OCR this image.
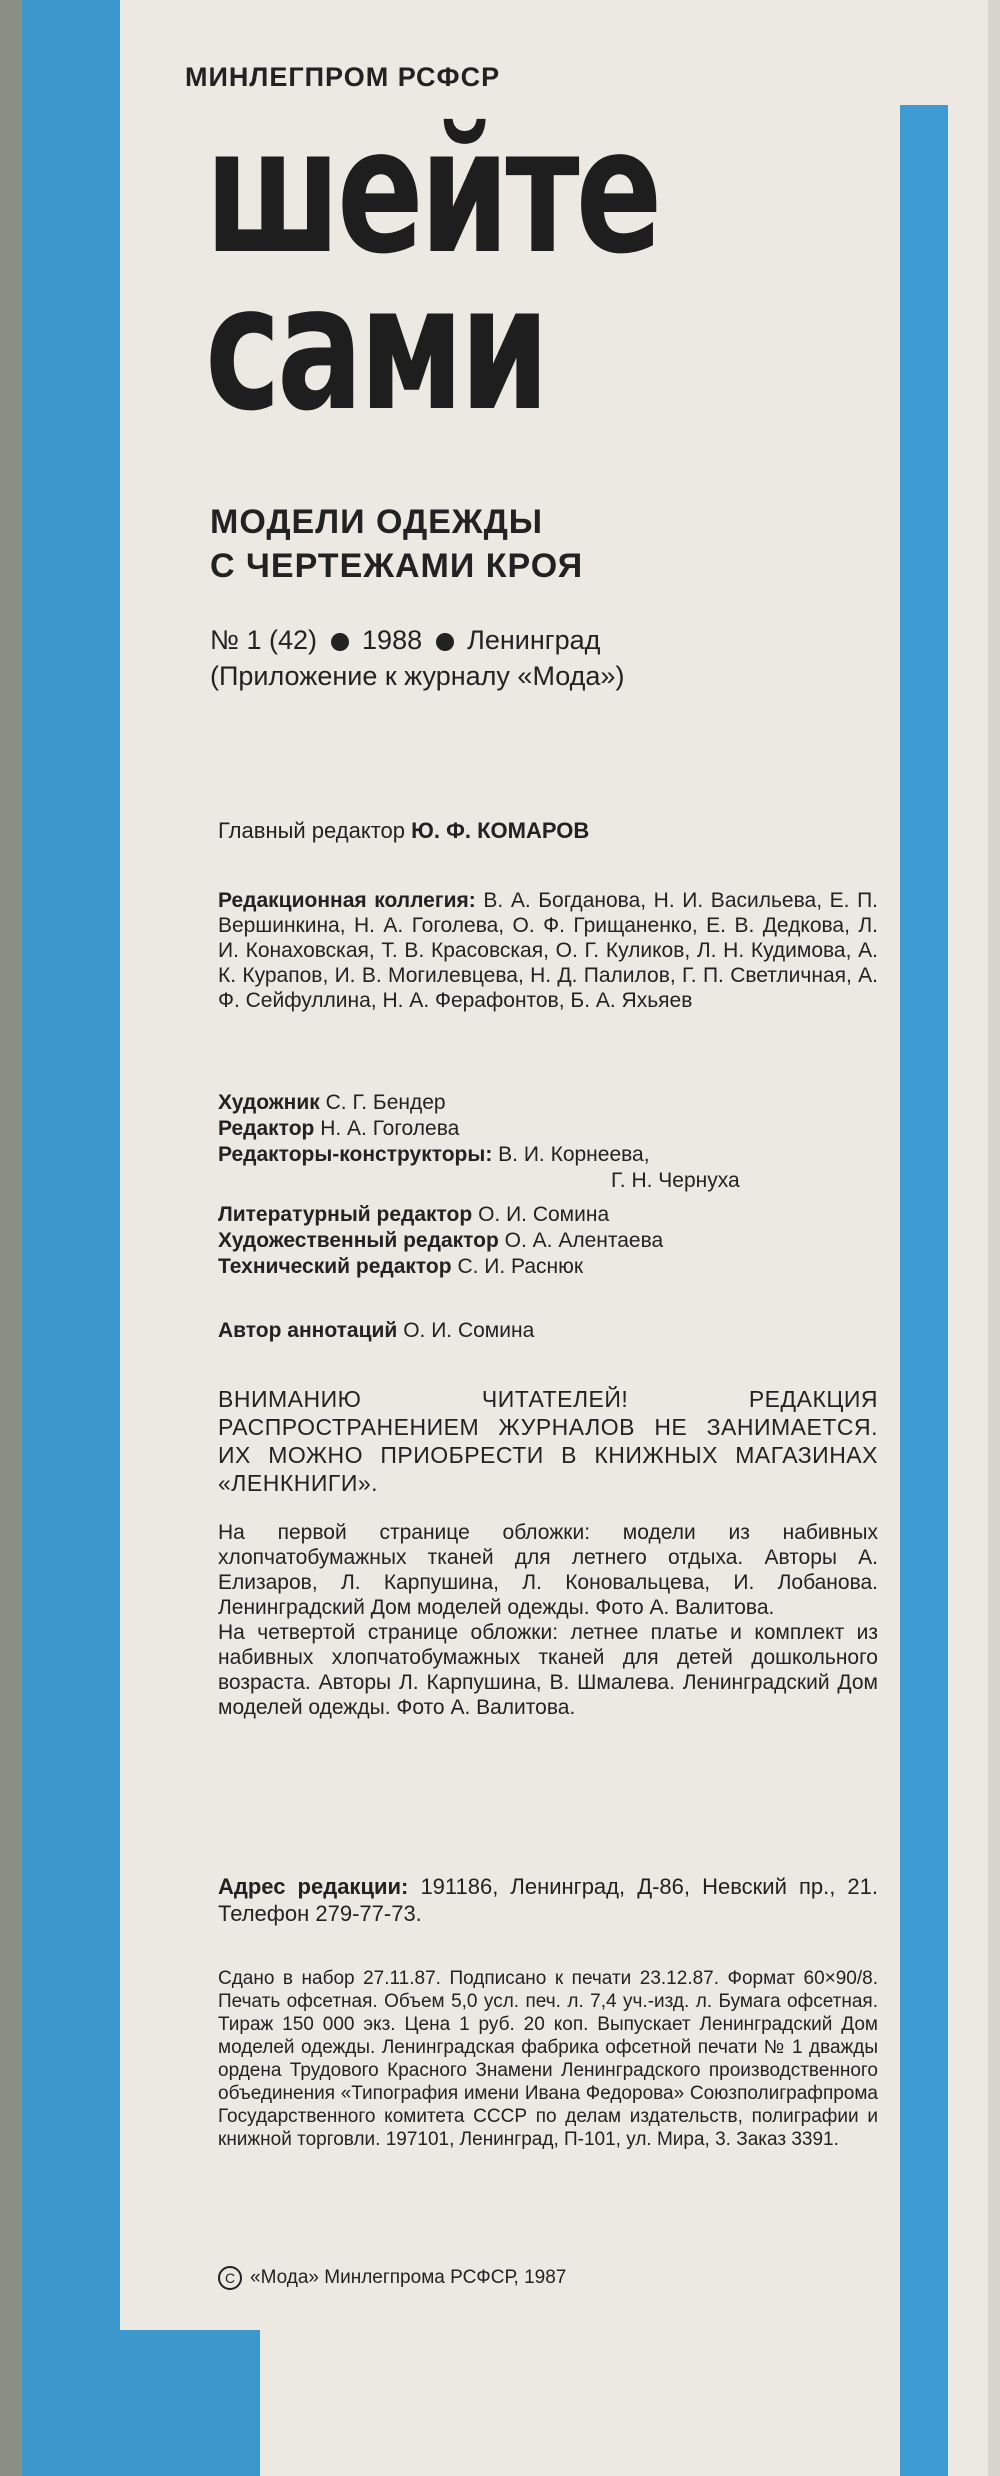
МИНЛЕГПРОМ РСФСР
шейте
сами
МОДЕЛИ ОДЕЖДЫ
С ЧЕРТЕЖАМИ КРОЯ
№ 1 (42) 1988 Ленинград
(Приложение к журналу «Мода»)
Главный редактор Ю. Ф. КОМАРОВ
Редакционная коллегия: В. А. Богданова, Н. И. Васильева, Е. П. Вершинкина, Н. А. Гоголева, О. Ф. Грищаненко, Е. В. Дедкова, Л. И. Конаховская, Т. В. Красовская, О. Г. Куликов, Л. Н. Кудимова, А. К. Курапов, И. В. Могилевцева, Н. Д. Палилов, Г. П. Светличная, А. Ф. Сейфуллина, Н. А. Ферафонтов, Б. А. Яхьяев
Художник С. Г. Бендер
Редактор Н. А. Гоголева
Редакторы-конструкторы: В. И. Корнеева,
Г. Н. Чернуха
Литературный редактор О. И. Сомина
Художественный редактор О. А. Алентаева
Технический редактор С. И. Раснюк
Автор аннотаций О. И. Сомина
ВНИМАНИЮ ЧИТАТЕЛЕЙ! РЕДАКЦИЯ РАСПРОСТРАНЕНИЕМ ЖУРНАЛОВ НЕ ЗАНИМАЕТСЯ. ИХ МОЖНО ПРИОБРЕСТИ В КНИЖНЫХ МАГАЗИНАХ «ЛЕНКНИГИ».
На первой странице обложки: модели из набивных хлопчатобумажных тканей для летнего отдыха. Авторы А. Елизаров, Л. Карпушина, Л. Коновальцева, И. Лобанова. Ленинградский Дом моделей одежды. Фото А. Валитова.
На четвертой странице обложки: летнее платье и комплект из набивных хлопчатобумажных тканей для детей дошкольного возраста. Авторы Л. Карпушина, В. Шмалева. Ленинградский Дом моделей одежды. Фото А. Валитова.
Адрес редакции: 191186, Ленинград, Д-86, Невский пр., 21. Телефон 279-77-73.
Сдано в набор 27.11.87. Подписано к печати 23.12.87. Формат 60×90/8. Печать офсетная. Объем 5,0 усл. печ. л. 7,4 уч.-изд. л. Бумага офсетная. Тираж 150 000 экз. Цена 1 руб. 20 коп. Выпускает Ленинградский Дом моделей одежды. Ленинградская фабрика офсетной печати № 1 дважды ордена Трудового Красного Знамени Ленинградского производственного объединения «Типография имени Ивана Федорова» Союзполиграфпрома Государственного комитета СССР по делам издательств, полиграфии и книжной торговли. 197101, Ленинград, П-101, ул. Мира, 3. Заказ 3391.
C «Мода» Минлегпрома РСФСР, 1987
